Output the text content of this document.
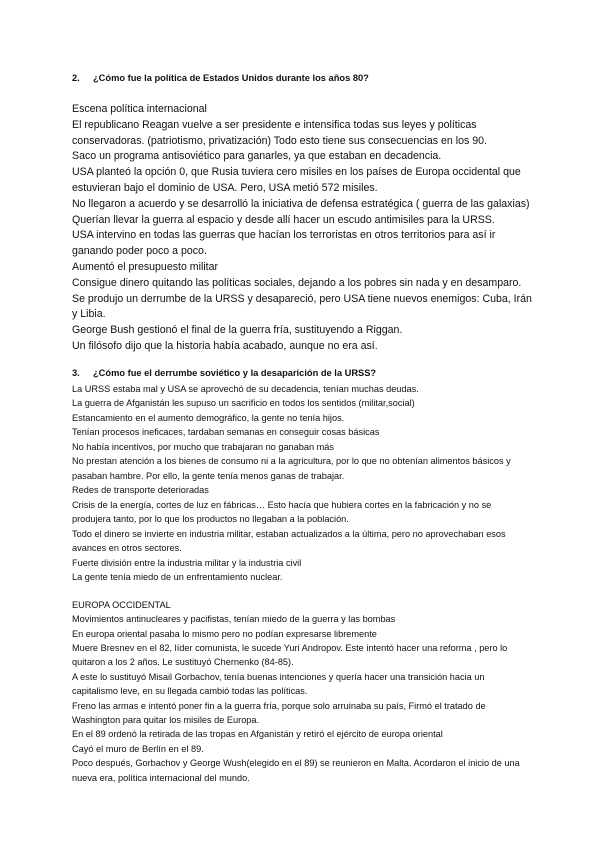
2.	¿Cómo fue la política de Estados Unidos durante los años 80?

Escena política internacional

El republicano Reagan vuelve a ser presidente e intensifica todas sus leyes y políticas conservadoras. (patriotismo, privatización) Todo esto tiene sus consecuencias en los 90.

Saco un programa antisoviético para ganarles, ya que estaban en decadencia.

USA planteó la opción 0, que Rusia tuviera cero misiles en los países de Europa occidental que estuvieran bajo el dominio de USA. Pero, USA metió 572 misiles.

No llegaron a acuerdo y se desarrolló la iniciativa de defensa estratégica ( guerra de las galaxias) Querían llevar la guerra al espacio y desde allí hacer un escudo antimisiles para la URSS.

USA intervino en todas las guerras que hacían los terroristas en otros territorios para así ir ganando poder poco a poco.

Aumentó el presupuesto militar

Consigue dinero quitando las políticas sociales, dejando a los pobres sin nada y en desamparo.

Se produjo un derrumbe de la URSS y desapareció, pero USA tiene nuevos enemigos: Cuba, Irán y Libia.

George Bush gestionó el final de la guerra fría, sustituyendo a Riggan.

Un filósofo dijo que la historia había acabado, aunque no era así.

3.	¿Cómo fue el derrumbe soviético y la desaparición de la URSS?

La URSS estaba mal y USA se aprovechó de su decadencia, tenían muchas deudas.

La guerra de Afganistán les supuso un sacrificio en todos los sentidos (militar,social)

Estancamiento en el aumento demográfico, la gente no tenía hijos.

Tenían procesos ineficaces, tardaban semanas en conseguir cosas básicas

No había incentivos, por mucho que trabajaran no ganaban más

No prestan atención a los bienes de consumo ni a la agricultura, por lo que no obtenían alimentos básicos y pasaban hambre. Por ello, la gente tenía menos ganas de trabajar.

Redes de transporte deterioradas

Crisis de la energía, cortes de luz en fábricas… Esto hacía que hubiera cortes en la fabricación y no se produjera tanto, por lo que los productos no llegaban a la población.

Todo el dinero se invierte en industria militar, estaban actualizados a la última, pero no aprovechaban esos avances en otros sectores.

Fuerte división entre la industria militar y la industria civil

La gente tenía miedo de un enfrentamiento nuclear.

EUROPA OCCIDENTAL

Movimientos antinucleares y pacifistas, tenían miedo de la guerra y las bombas

En europa oriental pasaba lo mismo pero no podían expresarse libremente

Muere Bresnev en el 82, líder comunista, le sucede Yuri Andropov. Este intentó hacer una reforma , pero lo quitaron a los 2 años. Le sustituyó Chernenko (84-85).

A este lo sustituyó Misail Gorbachov, tenía buenas intenciones y quería hacer una transición hacia un capitalismo leve, en su llegada cambió todas las políticas.

Freno las armas e intentó poner fin a la guerra fría, porque solo arruinaba su país, Firmó el tratado de Washington para quitar los misiles de Europa.

En el 89 ordenó la retirada de las tropas en Afganistán y retiró el ejército de europa oriental

Cayó el muro de Berlín en el 89.

Poco después, Gorbachov y George Wush(elegido en el 89) se reunieron en Malta. Acordaron el inicio de una nueva era, política internacional del mundo.
